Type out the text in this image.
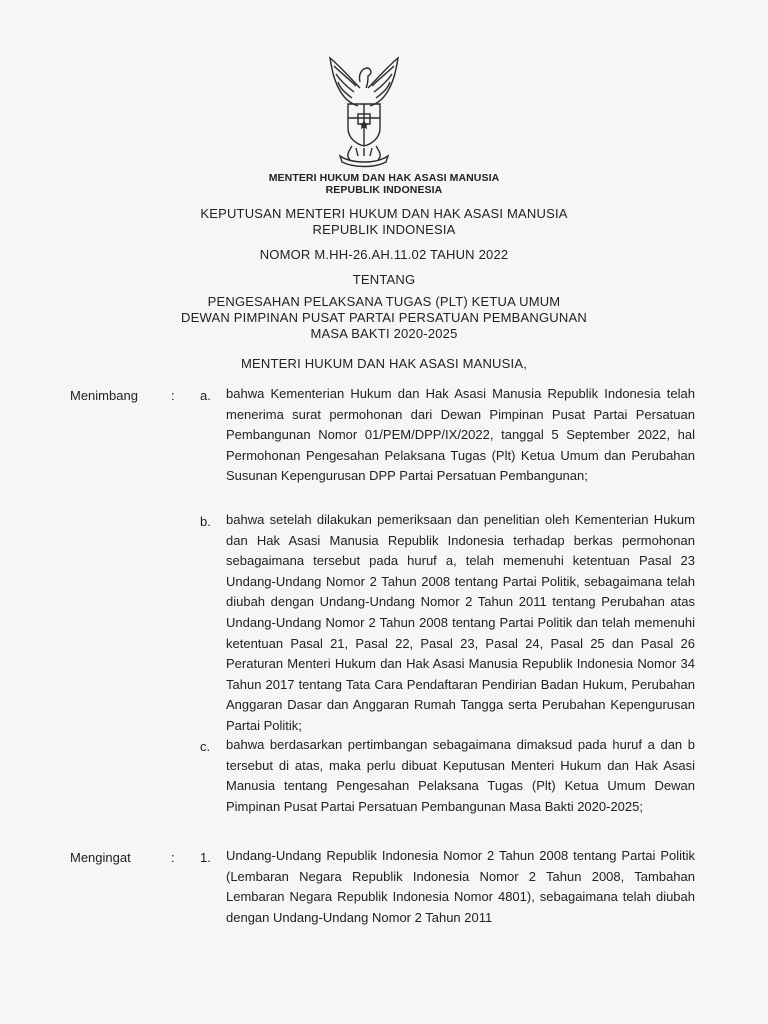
MENTERI HUKUM DAN HAK ASASI MANUSIA
REPUBLIK INDONESIA
KEPUTUSAN MENTERI HUKUM DAN HAK ASASI MANUSIA
REPUBLIK INDONESIA
NOMOR M.HH-26.AH.11.02 TAHUN 2022
TENTANG
PENGESAHAN PELAKSANA TUGAS (PLT) KETUA UMUM
DEWAN PIMPINAN PUSAT PARTAI PERSATUAN PEMBANGUNAN
MASA BAKTI 2020-2025
MENTERI HUKUM DAN HAK ASASI MANUSIA,
Menimbang	: a. bahwa Kementerian Hukum dan Hak Asasi Manusia Republik Indonesia telah menerima surat permohonan dari Dewan Pimpinan Pusat Partai Persatuan Pembangunan Nomor 01/PEM/DPP/IX/2022, tanggal 5 September 2022, hal Permohonan Pengesahan Pelaksana Tugas (Plt) Ketua Umum dan Perubahan Susunan Kepengurusan DPP Partai Persatuan Pembangunan;
b. bahwa setelah dilakukan pemeriksaan dan penelitian oleh Kementerian Hukum dan Hak Asasi Manusia Republik Indonesia terhadap berkas permohonan sebagaimana tersebut pada huruf a, telah memenuhi ketentuan Pasal 23 Undang-Undang Nomor 2 Tahun 2008 tentang Partai Politik, sebagaimana telah diubah dengan Undang-Undang Nomor 2 Tahun 2011 tentang Perubahan atas Undang-Undang Nomor 2 Tahun 2008 tentang Partai Politik dan telah memenuhi ketentuan Pasal 21, Pasal 22, Pasal 23, Pasal 24, Pasal 25 dan Pasal 26 Peraturan Menteri Hukum dan Hak Asasi Manusia Republik Indonesia Nomor 34 Tahun 2017 tentang Tata Cara Pendaftaran Pendirian Badan Hukum, Perubahan Anggaran Dasar dan Anggaran Rumah Tangga serta Perubahan Kepengurusan Partai Politik;
c. bahwa berdasarkan pertimbangan sebagaimana dimaksud pada huruf a dan b tersebut di atas, maka perlu dibuat Keputusan Menteri Hukum dan Hak Asasi Manusia tentang Pengesahan Pelaksana Tugas (Plt) Ketua Umum Dewan Pimpinan Pusat Partai Persatuan Pembangunan Masa Bakti 2020-2025;
Mengingat	: 1. Undang-Undang Republik Indonesia Nomor 2 Tahun 2008 tentang Partai Politik (Lembaran Negara Republik Indonesia Nomor 2 Tahun 2008, Tambahan Lembaran Negara Republik Indonesia Nomor 4801), sebagaimana telah diubah dengan Undang-Undang Nomor 2 Tahun 2011
